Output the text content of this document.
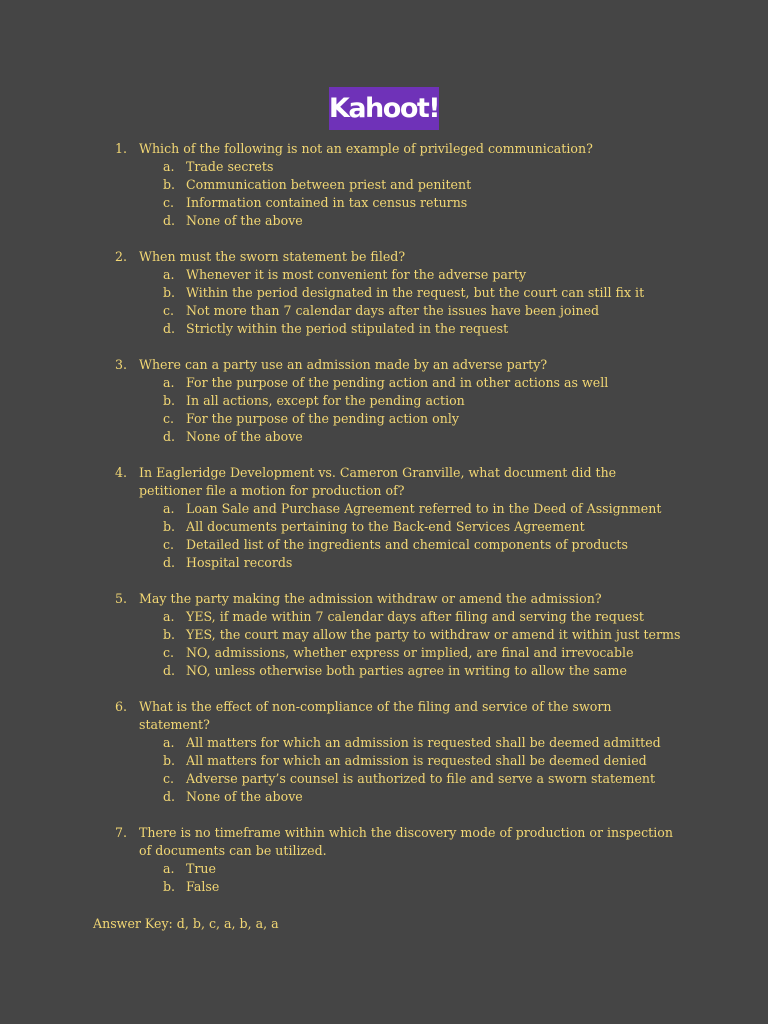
Kahoot!
1. Which of the following is not an example of privileged communication?
a. Trade secrets
b. Communication between priest and penitent
c. Information contained in tax census returns
d. None of the above
2. When must the sworn statement be filed?
a. Whenever it is most convenient for the adverse party
b. Within the period designated in the request, but the court can still fix it
c. Not more than 7 calendar days after the issues have been joined
d. Strictly within the period stipulated in the request
3. Where can a party use an admission made by an adverse party?
a. For the purpose of the pending action and in other actions as well
b. In all actions, except for the pending action
c. For the purpose of the pending action only
d. None of the above
4. In Eagleridge Development vs. Cameron Granville, what document did the petitioner file a motion for production of?
a. Loan Sale and Purchase Agreement referred to in the Deed of Assignment
b. All documents pertaining to the Back-end Services Agreement
c. Detailed list of the ingredients and chemical components of products
d. Hospital records
5. May the party making the admission withdraw or amend the admission?
a. YES, if made within 7 calendar days after filing and serving the request
b. YES, the court may allow the party to withdraw or amend it within just terms
c. NO, admissions, whether express or implied, are final and irrevocable
d. NO, unless otherwise both parties agree in writing to allow the same
6. What is the effect of non-compliance of the filing and service of the sworn statement?
a. All matters for which an admission is requested shall be deemed admitted
b. All matters for which an admission is requested shall be deemed denied
c. Adverse party’s counsel is authorized to file and serve a sworn statement
d. None of the above
7. There is no timeframe within which the discovery mode of production or inspection of documents can be utilized.
a. True
b. False
Answer Key: d, b, c, a, b, a, a
